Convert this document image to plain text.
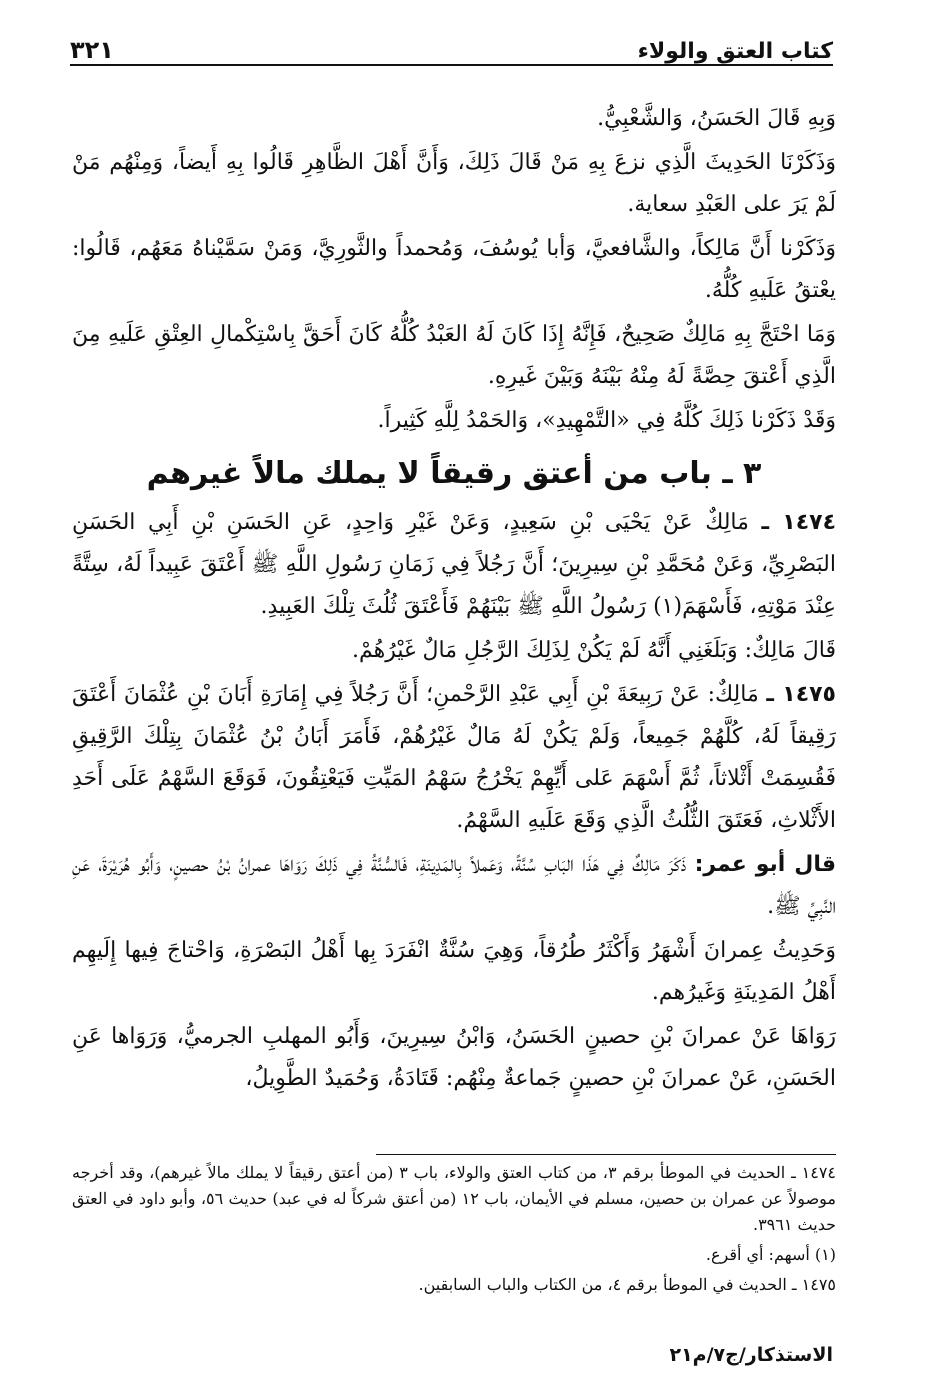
كتاب العتق والولاء
٣٢١

وَبِهِ قَالَ الحَسَنُ، وَالشَّعْبِيُّ.

وَذَكَرْنَا الحَدِيثَ الَّذِي نزعَ بِهِ مَنْ قَالَ ذَلِكَ، وَأَنَّ أَهْلَ الظَّاهِرِ قَالُوا بِهِ أَيضاً، وَمِنْهُم مَنْ لَمْ يَرَ على العَبْدِ سعاية.

وَذَكَرْنا أَنَّ مَالِكاً، والشَّافعيَّ، وَأبا يُوسُفَ، وَمُحمداً والثَّورِيَّ، وَمَنْ سَمَّيْناهُ مَعَهُم، قَالُوا: يعْتقُ عَلَيهِ كُلُّهُ.

وَمَا احْتَجَّ بِهِ مَالِكٌ صَحِيحٌ، فَإِنَّهُ إِذَا كَانَ لَهُ العَبْدُ كُلُّهُ كَانَ أَحَقَّ بِاسْتِكْمالِ العِتْقِ عَلَيهِ مِنَ الَّذِي أَعْتقَ حِصَّةً لَهُ مِنْهُ بَيْنَهُ وَبَيْنَ غَيرِهِ.

وَقَدْ ذَكَرْنا ذَلِكَ كُلَّهُ فِي «التَّمْهِيدِ»، وَالحَمْدُ لِلَّهِ كَثِيراً.

٣ ـ باب من أعتق رقيقاً لا يملك مالاً غيرهم

١٤٧٤ ـ مَالِكٌ عَنْ يَحْيَى بْنِ سَعِيدٍ، وَعَنْ غَيْرِ وَاحِدٍ، عَنِ الحَسَنِ بْنِ أَبِي الحَسَنِ البَصْرِيِّ، وَعَنْ مُحَمَّدِ بْنِ سِيرِينَ؛ أَنَّ رَجُلاً فِي زَمَانِ رَسُولِ اللَّهِ ﷺ أَعْتَقَ عَبِيداً لَهُ، سِتَّةً عِنْدَ مَوْتِهِ، فَأَسْهَمَ(١) رَسُولُ اللَّهِ ﷺ بَيْنَهُمْ فَأَعْتَقَ ثُلُثَ تِلْكَ العَبِيدِ.

قَالَ مَالِكٌ: وَبَلَغَنِي أَنَّهُ لَمْ يَكُنْ لِذَلِكَ الرَّجُلِ مَالٌ غَيْرُهُمْ.

١٤٧٥ ـ مَالِكٌ: عَنْ رَبِيعَةَ بْنِ أَبِي عَبْدِ الرَّحْمنِ؛ أَنَّ رَجُلاً فِي إِمَارَةِ أَبَانَ بْنِ عُثْمَانَ أَعْتَقَ رَقِيقاً لَهُ، كُلَّهُمْ جَمِيعاً، وَلَمْ يَكُنْ لَهُ مَالٌ غَيْرُهُمْ، فَأَمَرَ أَبَانُ بْنُ عُثْمَانَ بِتِلْكَ الرَّقِيقِ فَقُسِمَتْ أَثْلاثاً، ثُمَّ أَسْهَمَ عَلى أَيِّهِمْ يَخْرُجُ سَهْمُ المَيِّتِ فَيَعْتِقُونَ، فَوَقَعَ السَّهْمُ عَلَى أَحَدِ الأَثْلاثِ، فَعَتَقَ الثُّلُثُ الَّذِي وَقَعَ عَلَيهِ السَّهْمُ.

قال أبو عمر: ذَكَرَ مَالِكٌ فِي هَذَا البَابِ سُنَّةً، وَعَملاً بِالمَدِينَةِ، فَالسُّنَّةُ فِي ذَلِكَ رَوَاهَا عمرانُ بْنُ حصينٍ، وَأَبُو هُرَيْرَةَ، عَنِ النَّبِيِّ ﷺ.

وَحَدِيثُ عِمرانَ أَشْهَرُ وَأَكْثَرُ طُرُقاً، وَهِيَ سُنَّةٌ انْفَرَدَ بِها أَهْلُ البَصْرَةِ، وَاحْتاجَ فِيها إِلَيهِم أَهْلُ المَدِينَةِ وَغَيرُهم.

رَوَاهَا عَنْ عمرانَ بْنِ حصينٍ الحَسَنُ، وَابْنُ سِيرِينَ، وَأَبُو المهلبِ الجرميُّ، وَرَوَاها عَنِ الحَسَنِ، عَنْ عمرانَ بْنِ حصينٍ جَماعةٌ مِنْهُم: قَتَادَةُ، وَحُمَيدٌ الطَّوِيلُ،

١٤٧٤ ـ الحديث في الموطأ برقم ٣، من كتاب العتق والولاء، باب ٣ (من أعتق رقيقاً لا يملك مالاً غيرهم)، وقد أخرجه موصولاً عن عمران بن حصين، مسلم في الأيمان، باب ١٢ (من أعتق شركاً له في عبد) حديث ٥٦، وأبو داود في العتق حديث ٣٩٦١.

(١) أسهم: أي أقرع.

١٤٧٥ ـ الحديث في الموطأ برقم ٤، من الكتاب والباب السابقين.

الاستذكار/ج٧/م٢١
